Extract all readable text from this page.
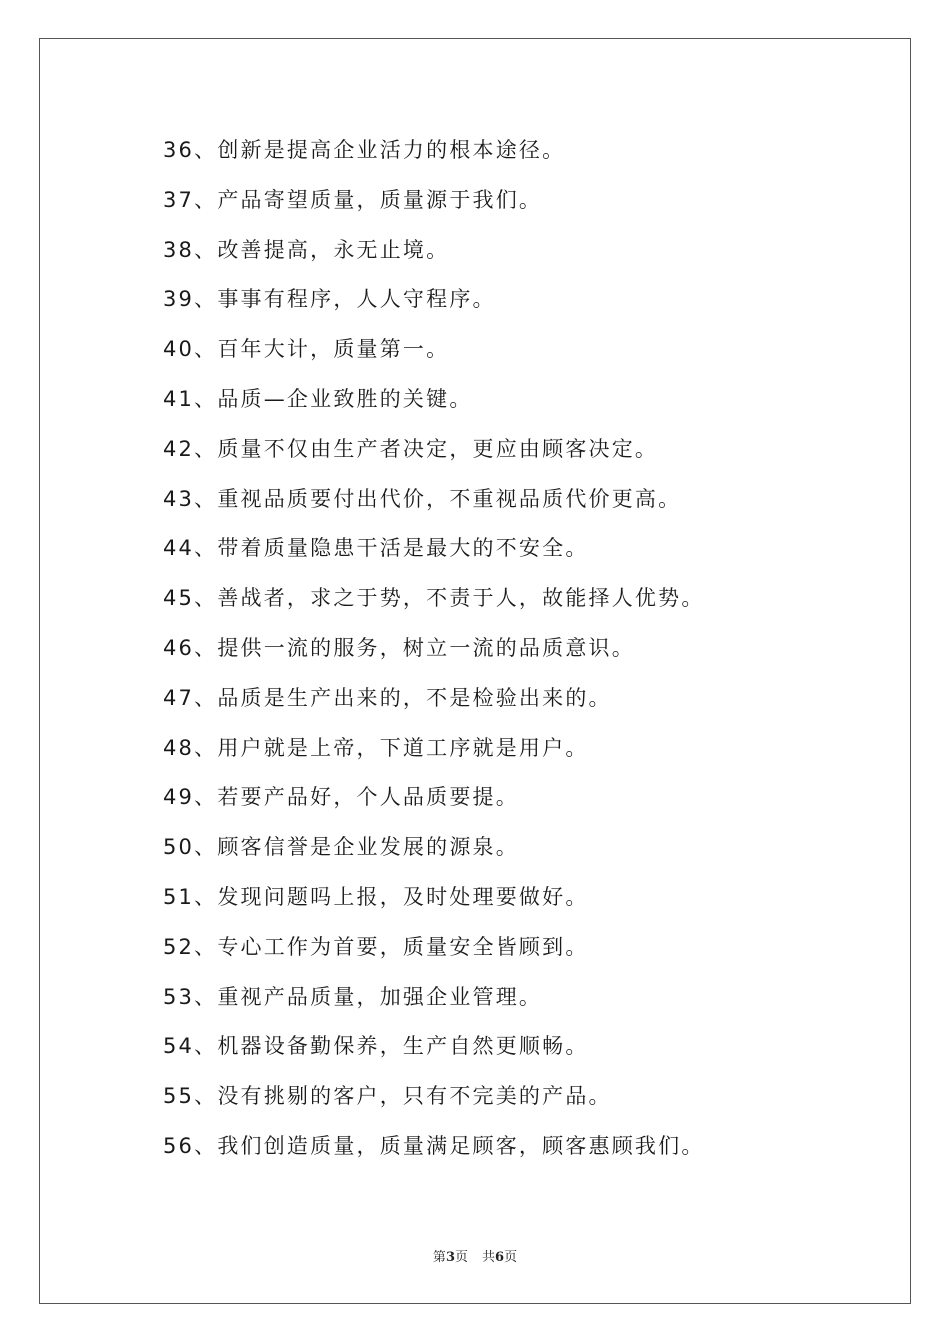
36、创新是提高企业活力的根本途径。
37、产品寄望质量，质量源于我们。
38、改善提高，永无止境。
39、事事有程序，人人守程序。
40、百年大计，质量第一。
41、品质—企业致胜的关键。
42、质量不仅由生产者决定，更应由顾客决定。
43、重视品质要付出代价，不重视品质代价更高。
44、带着质量隐患干活是最大的不安全。
45、善战者，求之于势，不责于人，故能择人优势。
46、提供一流的服务，树立一流的品质意识。
47、品质是生产出来的，不是检验出来的。
48、用户就是上帝，下道工序就是用户。
49、若要产品好，个人品质要提。
50、顾客信誉是企业发展的源泉。
51、发现问题吗上报，及时处理要做好。
52、专心工作为首要，质量安全皆顾到。
53、重视产品质量，加强企业管理。
54、机器设备勤保养，生产自然更顺畅。
55、没有挑剔的客户，只有不完美的产品。
56、我们创造质量，质量满足顾客，顾客惠顾我们。
第3页 共6页
